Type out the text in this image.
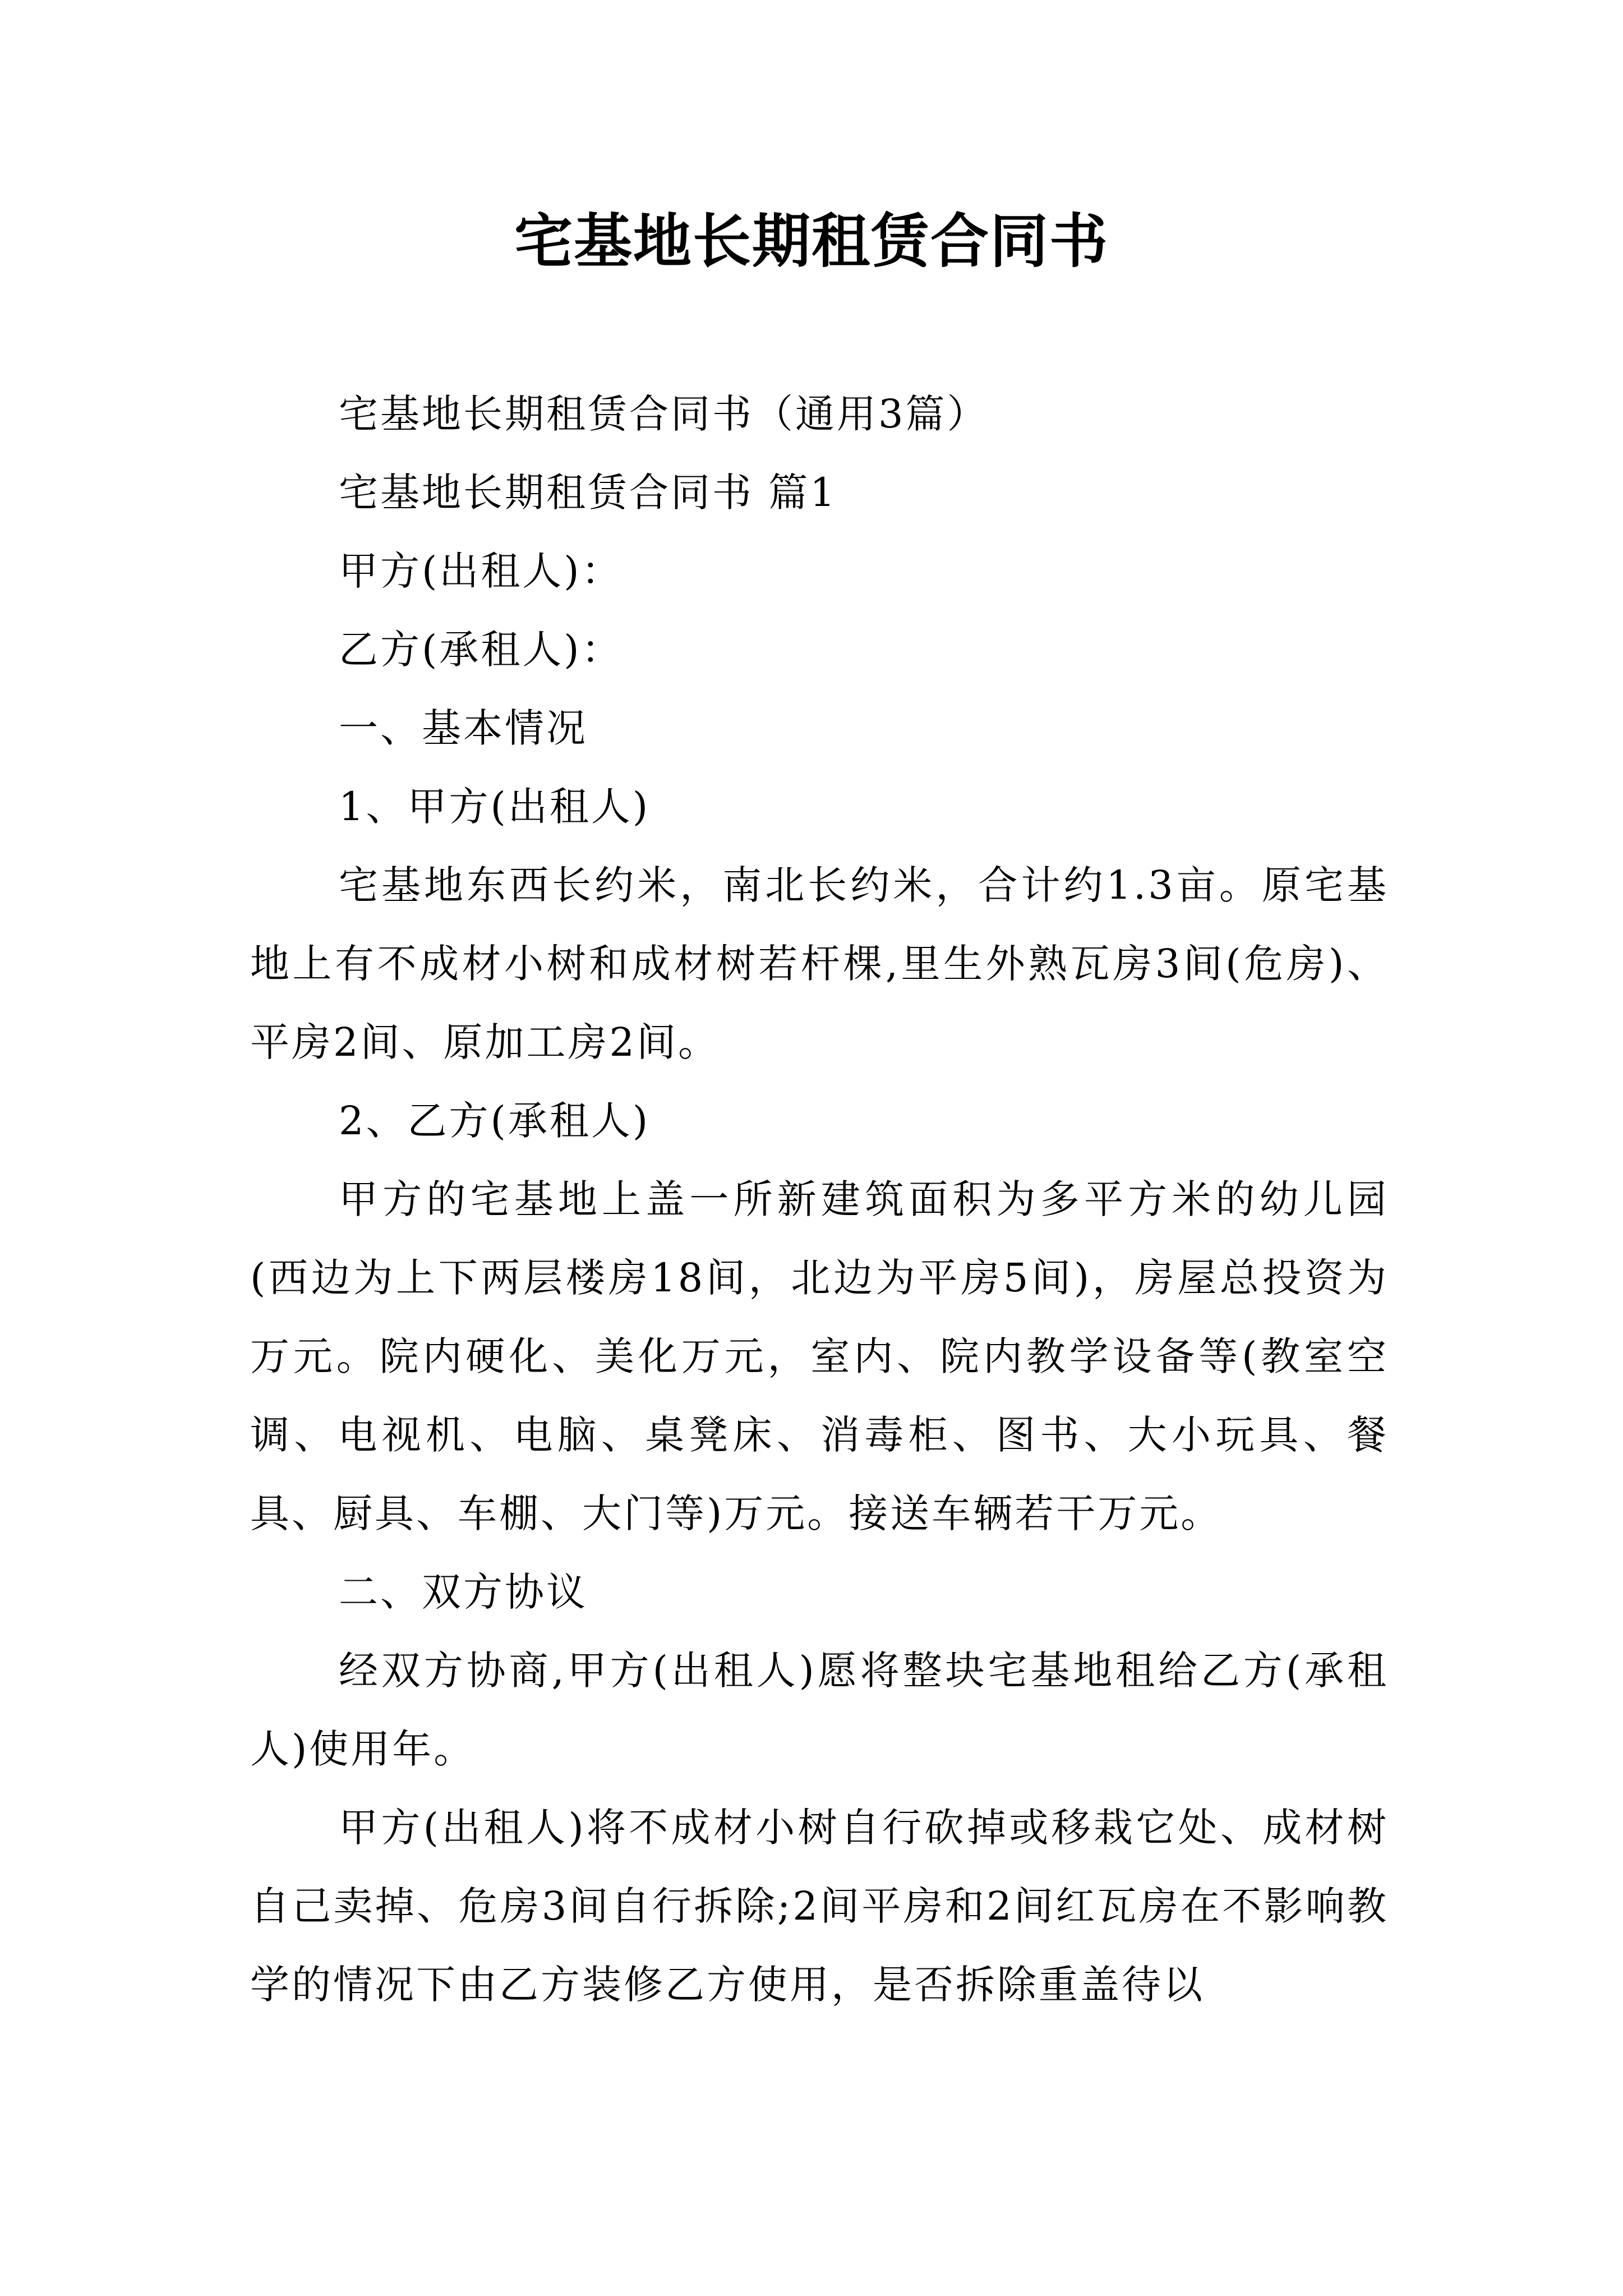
宅基地长期租赁合同书

宅基地长期租赁合同书（通用3篇）

宅基地长期租赁合同书 篇1

甲方(出租人)：

乙方(承租人)：

一、基本情况

1、甲方(出租人)

宅基地东西长约米，南北长约米，合计约1.3亩。原宅基地上有不成材小树和成材树若杆棵,里生外熟瓦房3间(危房)、平房2间、原加工房2间。

2、乙方(承租人)

甲方的宅基地上盖一所新建筑面积为多平方米的幼儿园(西边为上下两层楼房18间，北边为平房5间)，房屋总投资为万元。院内硬化、美化万元，室内、院内教学设备等(教室空调、电视机、电脑、桌凳床、消毒柜、图书、大小玩具、餐具、厨具、车棚、大门等)万元。接送车辆若干万元。

二、双方协议

经双方协商,甲方(出租人)愿将整块宅基地租给乙方(承租人)使用年。

甲方(出租人)将不成材小树自行砍掉或移栽它处、成材树自己卖掉、危房3间自行拆除;2间平房和2间红瓦房在不影响教学的情况下由乙方装修乙方使用，是否拆除重盖待以
